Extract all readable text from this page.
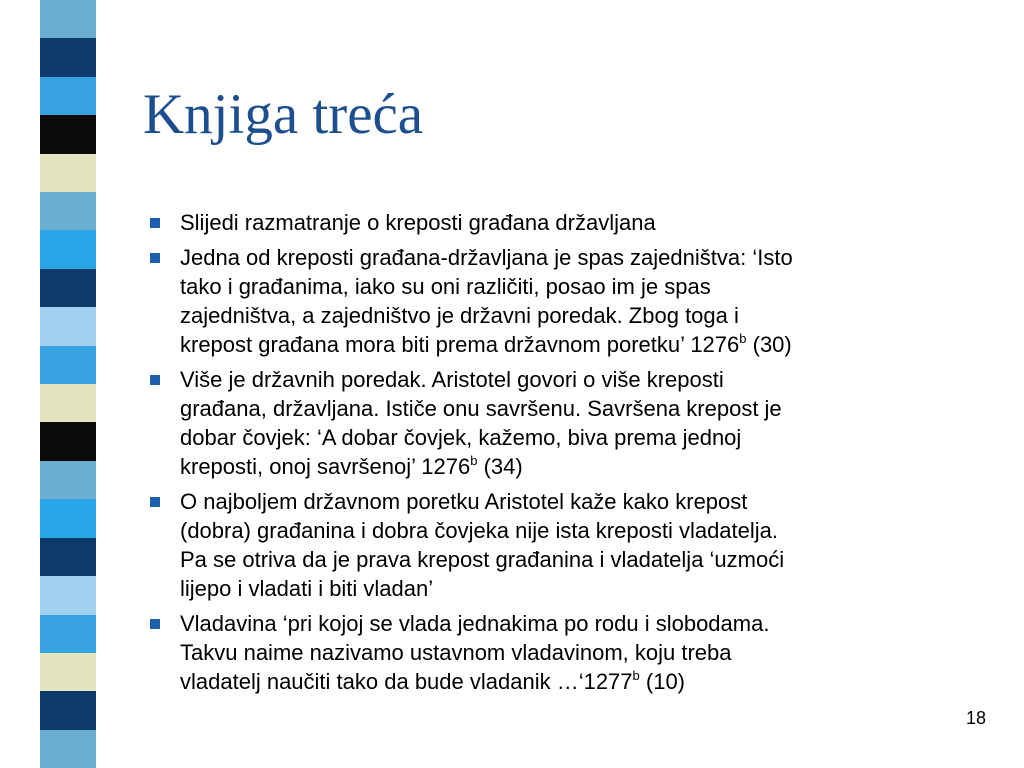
Knjiga treća
Slijedi razmatranje o kreposti građana državljana
Jedna od kreposti građana-državljana je spas zajedništva: ‘Isto
tako i građanima, iako su oni različiti, posao im je spas
zajedništva, a zajedništvo je državni poredak. Zbog toga i
krepost građana mora biti prema državnom poretku’ 1276$^b$ (30)
Više je državnih poredak. Aristotel govori o više kreposti
građana, državljana. Ističe onu savršenu. Savršena krepost je
dobar čovjek: ‘A dobar čovjek, kažemo, biva prema jednoj
kreposti, onoj savršenoj’ 1276$^b$ (34)
O najboljem državnom poretku Aristotel kaže kako krepost
(dobra) građanina i dobra čovjeka nije ista kreposti vladatelja.
Pa se otriva da je prava krepost građanina i vladatelja ‘uzmoći
lijepo i vladati i biti vladan’
Vladavina ‘pri kojoj se vlada jednakima po rodu i slobodama.
Takvu naime nazivamo ustavnom vladavinom, koju treba
vladatelj naučiti tako da bude vladanik …‘1277$^b$ (10)
18
